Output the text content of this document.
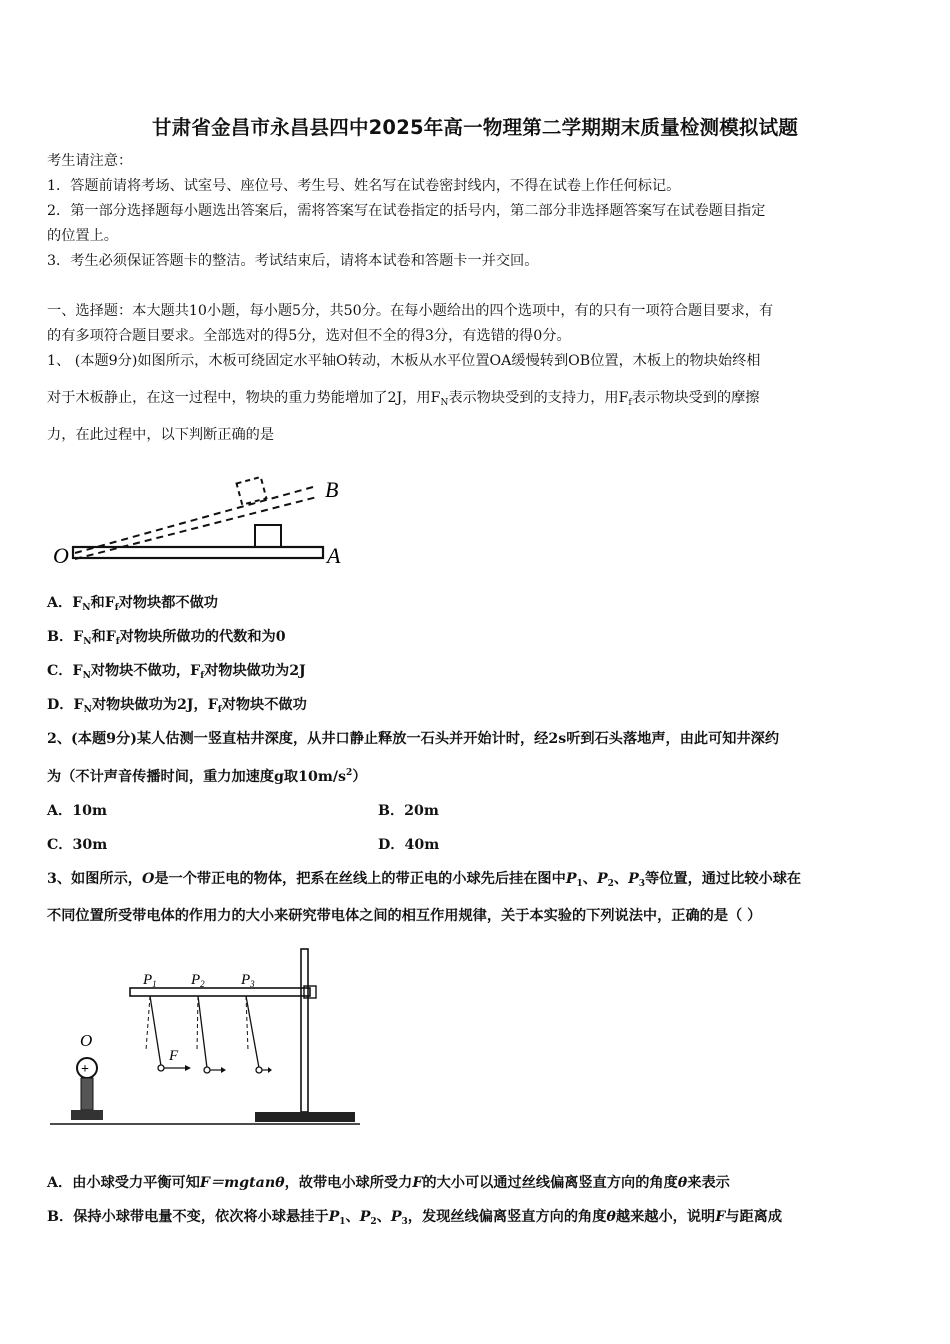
甘肃省金昌市永昌县四中2025年高一物理第二学期期末质量检测模拟试题
考生请注意：
1．答题前请将考场、试室号、座位号、考生号、姓名写在试卷密封线内，不得在试卷上作任何标记。
2．第一部分选择题每小题选出答案后，需将答案写在试卷指定的括号内，第二部分非选择题答案写在试卷题目指定
的位置上。
3．考生必须保证答题卡的整洁。考试结束后，请将本试卷和答题卡一并交回。
一、选择题：本大题共10小题，每小题5分，共50分。在每小题给出的四个选项中，有的只有一项符合题目要求，有
的有多项符合题目要求。全部选对的得5分，选对但不全的得3分，有选错的得0分。
1、 (本题9分)如图所示，木板可绕固定水平轴O转动，木板从水平位置OA缓慢转到OB位置，木板上的物块始终相
对于木板静止，在这一过程中，物块的重力势能增加了2J，用$F_N$表示物块受到的支持力，用$F_f$表示物块受到的摩擦
力，在此过程中，以下判断正确的是
O	A
B
A．$F_N$和$F_f$对物块都不做功
B．$F_N$和$F_f$对物块所做功的代数和为0
C．$F_N$对物块不做功，$F_f$对物块做功为2J
D．$F_N$对物块做功为2J，$F_f$对物块不做功
2、(本题9分)某人估测一竖直枯井深度，从井口静止释放一石头并开始计时，经2s听到石头落地声，由此可知井深约
为（不计声音传播时间，重力加速度g取$10m/s^2$）
A．10m	B．20m
C．30m	D．40m
3、如图所示，O是一个带正电的物体，把系在丝线上的带正电的小球先后挂在图中$P_1$、$P_2$、$P_3$等位置，通过比较小球在
不同位置所受带电体的作用力的大小来研究带电体之间的相互作用规律，关于本实验的下列说法中，正确的是（ ）
$P_1$ $P_2$ $P_3$
F
O
+
A．由小球受力平衡可知F＝mgtanθ，故带电小球所受力F的大小可以通过丝线偏离竖直方向的角度θ来表示
B．保持小球带电量不变，依次将小球悬挂于$P_1$、$P_2$、$P_3$，发现丝线偏离竖直方向的角度θ越来越小，说明F与距离成
